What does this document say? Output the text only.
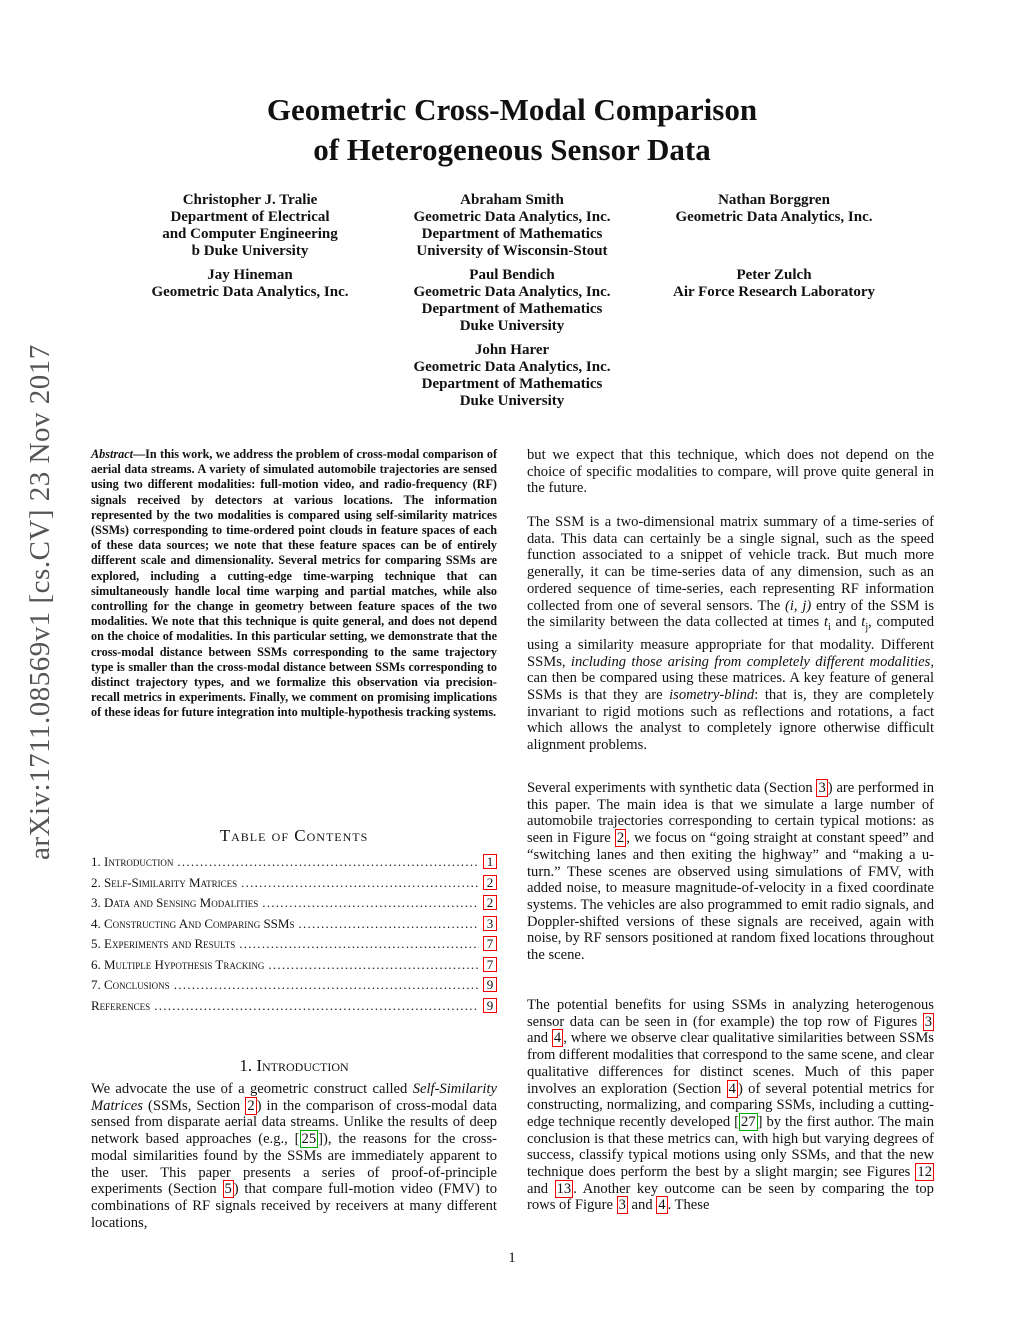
arXiv:1711.08569v1 [cs.CV] 23 Nov 2017
Geometric Cross-Modal Comparison
of Heterogeneous Sensor Data
Christopher J. Tralie
Department of Electrical
and Computer Engineering
b Duke University
Abraham Smith
Geometric Data Analytics, Inc.
Department of Mathematics
University of Wisconsin-Stout
Nathan Borggren
Geometric Data Analytics, Inc.
Jay Hineman
Geometric Data Analytics, Inc.
Paul Bendich
Geometric Data Analytics, Inc.
Department of Mathematics
Duke University
Peter Zulch
Air Force Research Laboratory
John Harer
Geometric Data Analytics, Inc.
Department of Mathematics
Duke University
Abstract—In this work, we address the problem of cross-modal comparison of aerial data streams. A variety of simulated automobile trajectories are sensed using two different modalities: full-motion video, and radio-frequency (RF) signals received by detectors at various locations. The information represented by the two modalities is compared using self-similarity matrices (SSMs) corresponding to time-ordered point clouds in feature spaces of each of these data sources; we note that these feature spaces can be of entirely different scale and dimensionality. Several metrics for comparing SSMs are explored, including a cutting-edge time-warping technique that can simultaneously handle local time warping and partial matches, while also controlling for the change in geometry between feature spaces of the two modalities. We note that this technique is quite general, and does not depend on the choice of modalities. In this particular setting, we demonstrate that the cross-modal distance between SSMs corresponding to the same trajectory type is smaller than the cross-modal distance between SSMs corresponding to distinct trajectory types, and we formalize this observation via precision-recall metrics in experiments. Finally, we comment on promising implications of these ideas for future integration into multiple-hypothesis tracking systems.
Table of Contents
1. Introduction . . .	1
2. Self-Similarity Matrices . . .	2
3. Data and Sensing Modalities . . .	2
4. Constructing And Comparing SSMs . . .	3
5. Experiments and Results . . .	7
6. Multiple Hypothesis Tracking . . .	7
7. Conclusions . . .	9
References . . .	9
1. Introduction
We advocate the use of a geometric construct called Self-Similarity Matrices (SSMs, Section 2 ) in the comparison of cross-modal data sensed from disparate aerial data streams. Unlike the results of deep network based approaches (e.g., [ 25 ]), the reasons for the cross-modal similarities found by the SSMs are immediately apparent to the user. This paper presents a series of proof-of-principle experiments (Section 5 ) that compare full-motion video (FMV) to combinations of RF signals received by receivers at many different locations,
but we expect that this technique, which does not depend on the choice of specific modalities to compare, will prove quite general in the future.
The SSM is a two-dimensional matrix summary of a time-series of data. This data can certainly be a single signal, such as the speed function associated to a snippet of vehicle track. But much more generally, it can be time-series data of any dimension, such as an ordered sequence of time-series, each representing RF information collected from one of several sensors. The (i, j) entry of the SSM is the similarity between the data collected at times $t_i$ and $t_j$, computed using a similarity measure appropriate for that modality. Different SSMs, including those arising from completely different modalities, can then be compared using these matrices. A key feature of general SSMs is that they are isometry-blind: that is, they are completely invariant to rigid motions such as reflections and rotations, a fact which allows the analyst to completely ignore otherwise difficult alignment problems.
Several experiments with synthetic data (Section 3 ) are performed in this paper. The main idea is that we simulate a large number of automobile trajectories corresponding to certain typical motions: as seen in Figure 2 , we focus on “going straight at constant speed” and “switching lanes and then exiting the highway” and “making a u-turn.” These scenes are observed using simulations of FMV, with added noise, to measure magnitude-of-velocity in a fixed coordinate systems. The vehicles are also programmed to emit radio signals, and Doppler-shifted versions of these signals are received, again with noise, by RF sensors positioned at random fixed locations throughout the scene.
The potential benefits for using SSMs in analyzing heterogenous sensor data can be seen in (for example) the top row of Figures 3 and 4 , where we observe clear qualitative similarities between SSMs from different modalities that correspond to the same scene, and clear qualitative differences for distinct scenes. Much of this paper involves an exploration (Section 4 ) of several potential metrics for constructing, normalizing, and comparing SSMs, including a cutting-edge technique recently developed [ 27 ] by the first author. The main conclusion is that these metrics can, with high but varying degrees of success, classify typical motions using only SSMs, and that the new technique does perform the best by a slight margin; see Figures 12 and 13 . Another key outcome can be seen by comparing the top rows of Figure 3 and 4 . These
1
